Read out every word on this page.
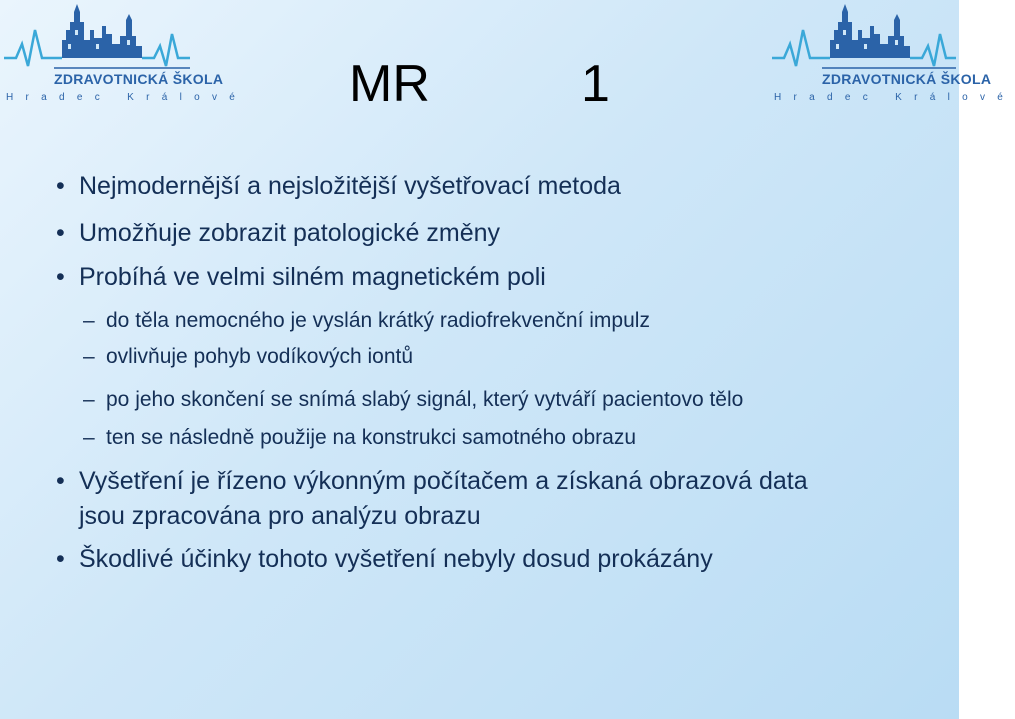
ZDRAVOTNICKÁ ŠKOLA
Hradec Králové
ZDRAVOTNICKÁ ŠKOLA
Hradec Králové
MR	1
• Nejmodernější a nejsložitější vyšetřovací metoda
• Umožňuje zobrazit patologické změny
• Probíhá ve velmi silném magnetickém poli
– do těla nemocného je vyslán krátký radiofrekvenční impulz
– ovlivňuje pohyb vodíkových iontů
– po jeho skončení se snímá slabý signál, který vytváří pacientovo tělo
– ten se následně použije na konstrukci samotného obrazu
• Vyšetření je řízeno výkonným počítačem a získaná obrazová data
jsou zpracována pro analýzu obrazu
• Škodlivé účinky tohoto vyšetření nebyly dosud prokázány
